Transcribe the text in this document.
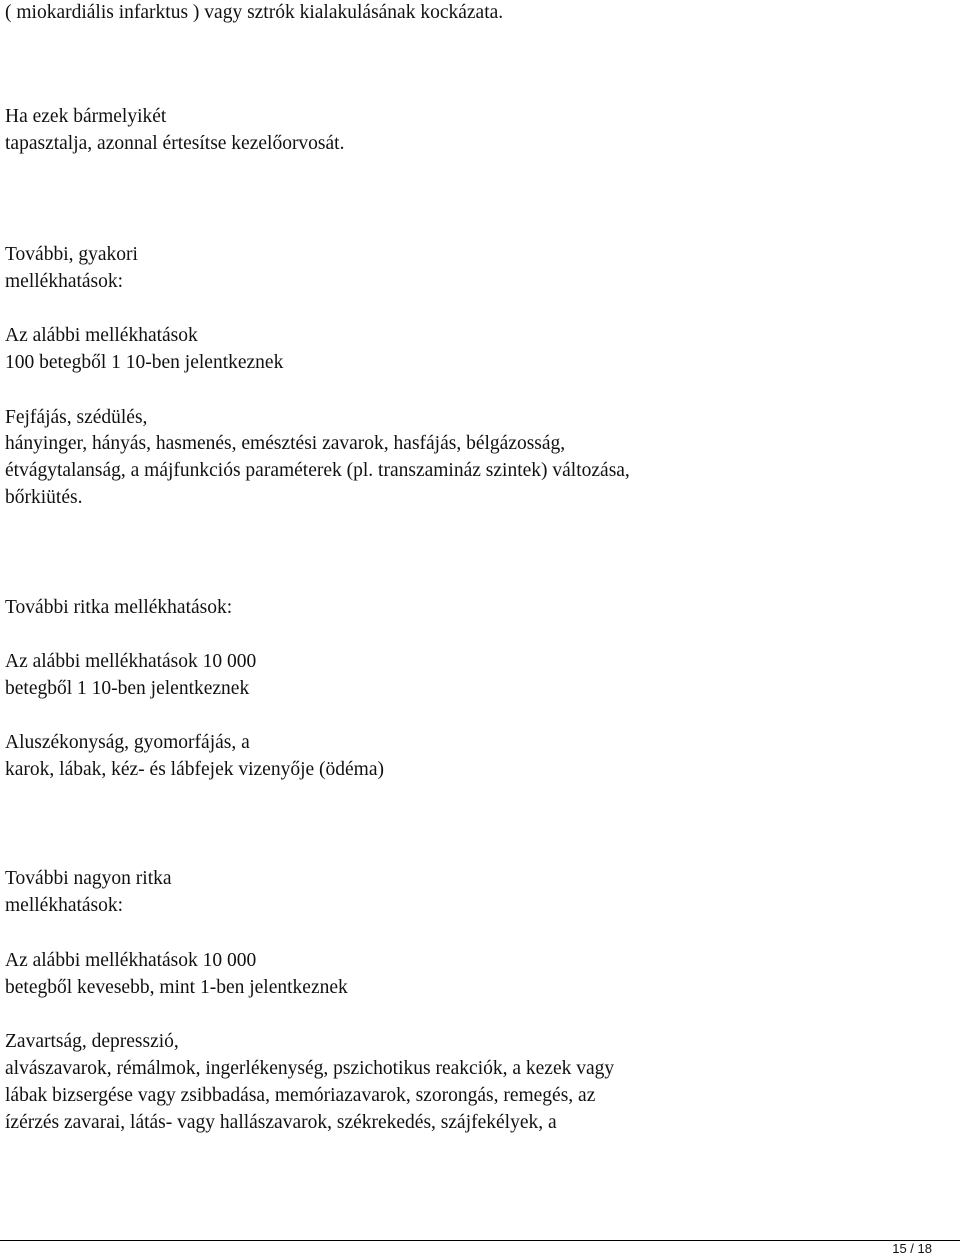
( miokardiális infarktus ) vagy sztrók kialakulásának kockázata.
Ha ezek bármelyikét
tapasztalja, azonnal értesítse kezelőorvosát.
További, gyakori
mellékhatások:
Az alábbi mellékhatások
100 betegből 1 10-ben jelentkeznek
Fejfájás, szédülés,
hányinger, hányás, hasmenés, emésztési zavarok, hasfájás, bélgázosság,
étvágytalanság, a májfunkciós paraméterek (pl. transzamináz szintek) változása,
bőrkiütés.
További ritka mellékhatások:
Az alábbi mellékhatások 10 000
betegből 1 10-ben jelentkeznek
Aluszékonyság, gyomorfájás, a
karok, lábak, kéz- és lábfejek vizenyője (ödéma)
További nagyon ritka
mellékhatások:
Az alábbi mellékhatások 10 000
betegből kevesebb, mint 1-ben jelentkeznek
Zavartság, depresszió,
alvászavarok, rémálmok, ingerlékenység, pszichotikus reakciók, a kezek vagy
lábak bizsergése vagy zsibbadása, memóriazavarok, szorongás, remegés, az
ízérzés zavarai, látás- vagy hallászavarok, székrekedés, szájfekélyek, a
15 / 18
